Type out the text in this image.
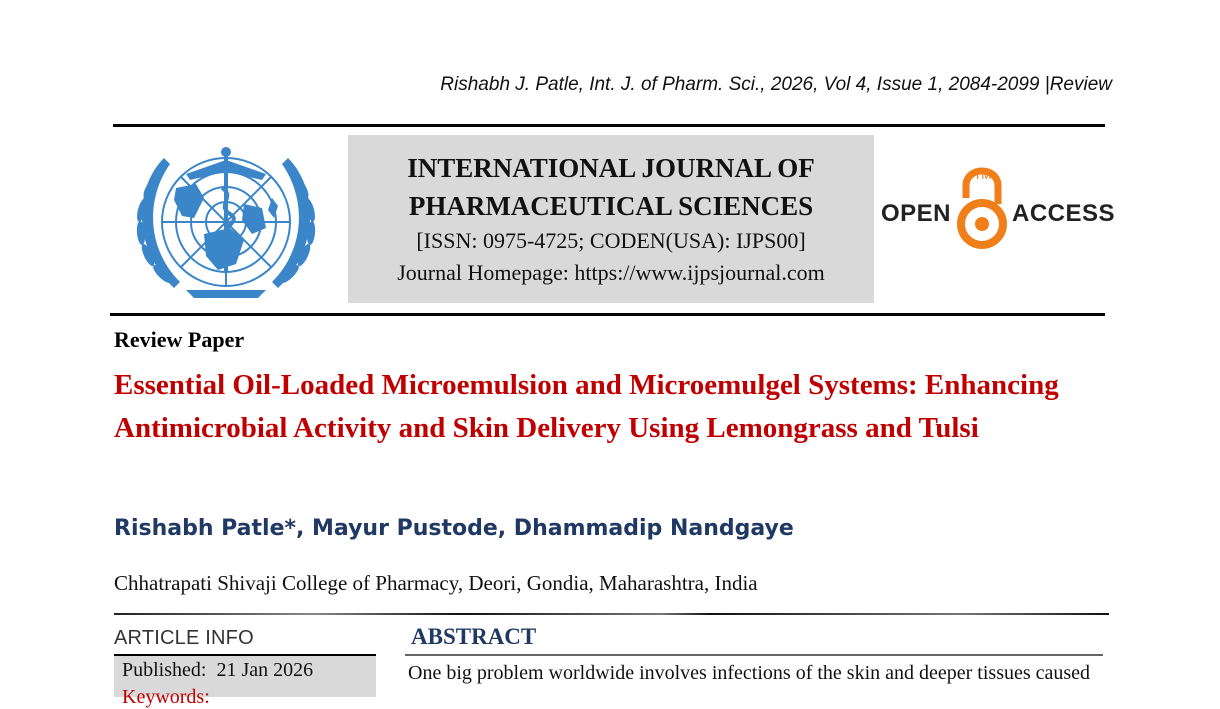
Rishabh J. Patle, Int. J. of Pharm. Sci., 2026, Vol 4, Issue 1, 2084-2099 |Review
INTERNATIONAL JOURNAL OF
PHARMACEUTICAL SCIENCES
[ISSN: 0975-4725; CODEN(USA): IJPS00]
Journal Homepage: https://www.ijpsjournal.com
OPEN
TM
ACCESS
Review Paper
Essential Oil-Loaded Microemulsion and Microemulgel Systems: Enhancing Antimicrobial Activity and Skin Delivery Using Lemongrass and Tulsi
Rishabh Patle*, Mayur Pustode, Dhammadip Nandgaye
Chhatrapati Shivaji College of Pharmacy, Deori, Gondia, Maharashtra, India
ARTICLE INFO
Published:  21 Jan 2026
Keywords:
ABSTRACT
One big problem worldwide involves infections of the skin and deeper tissues caused
